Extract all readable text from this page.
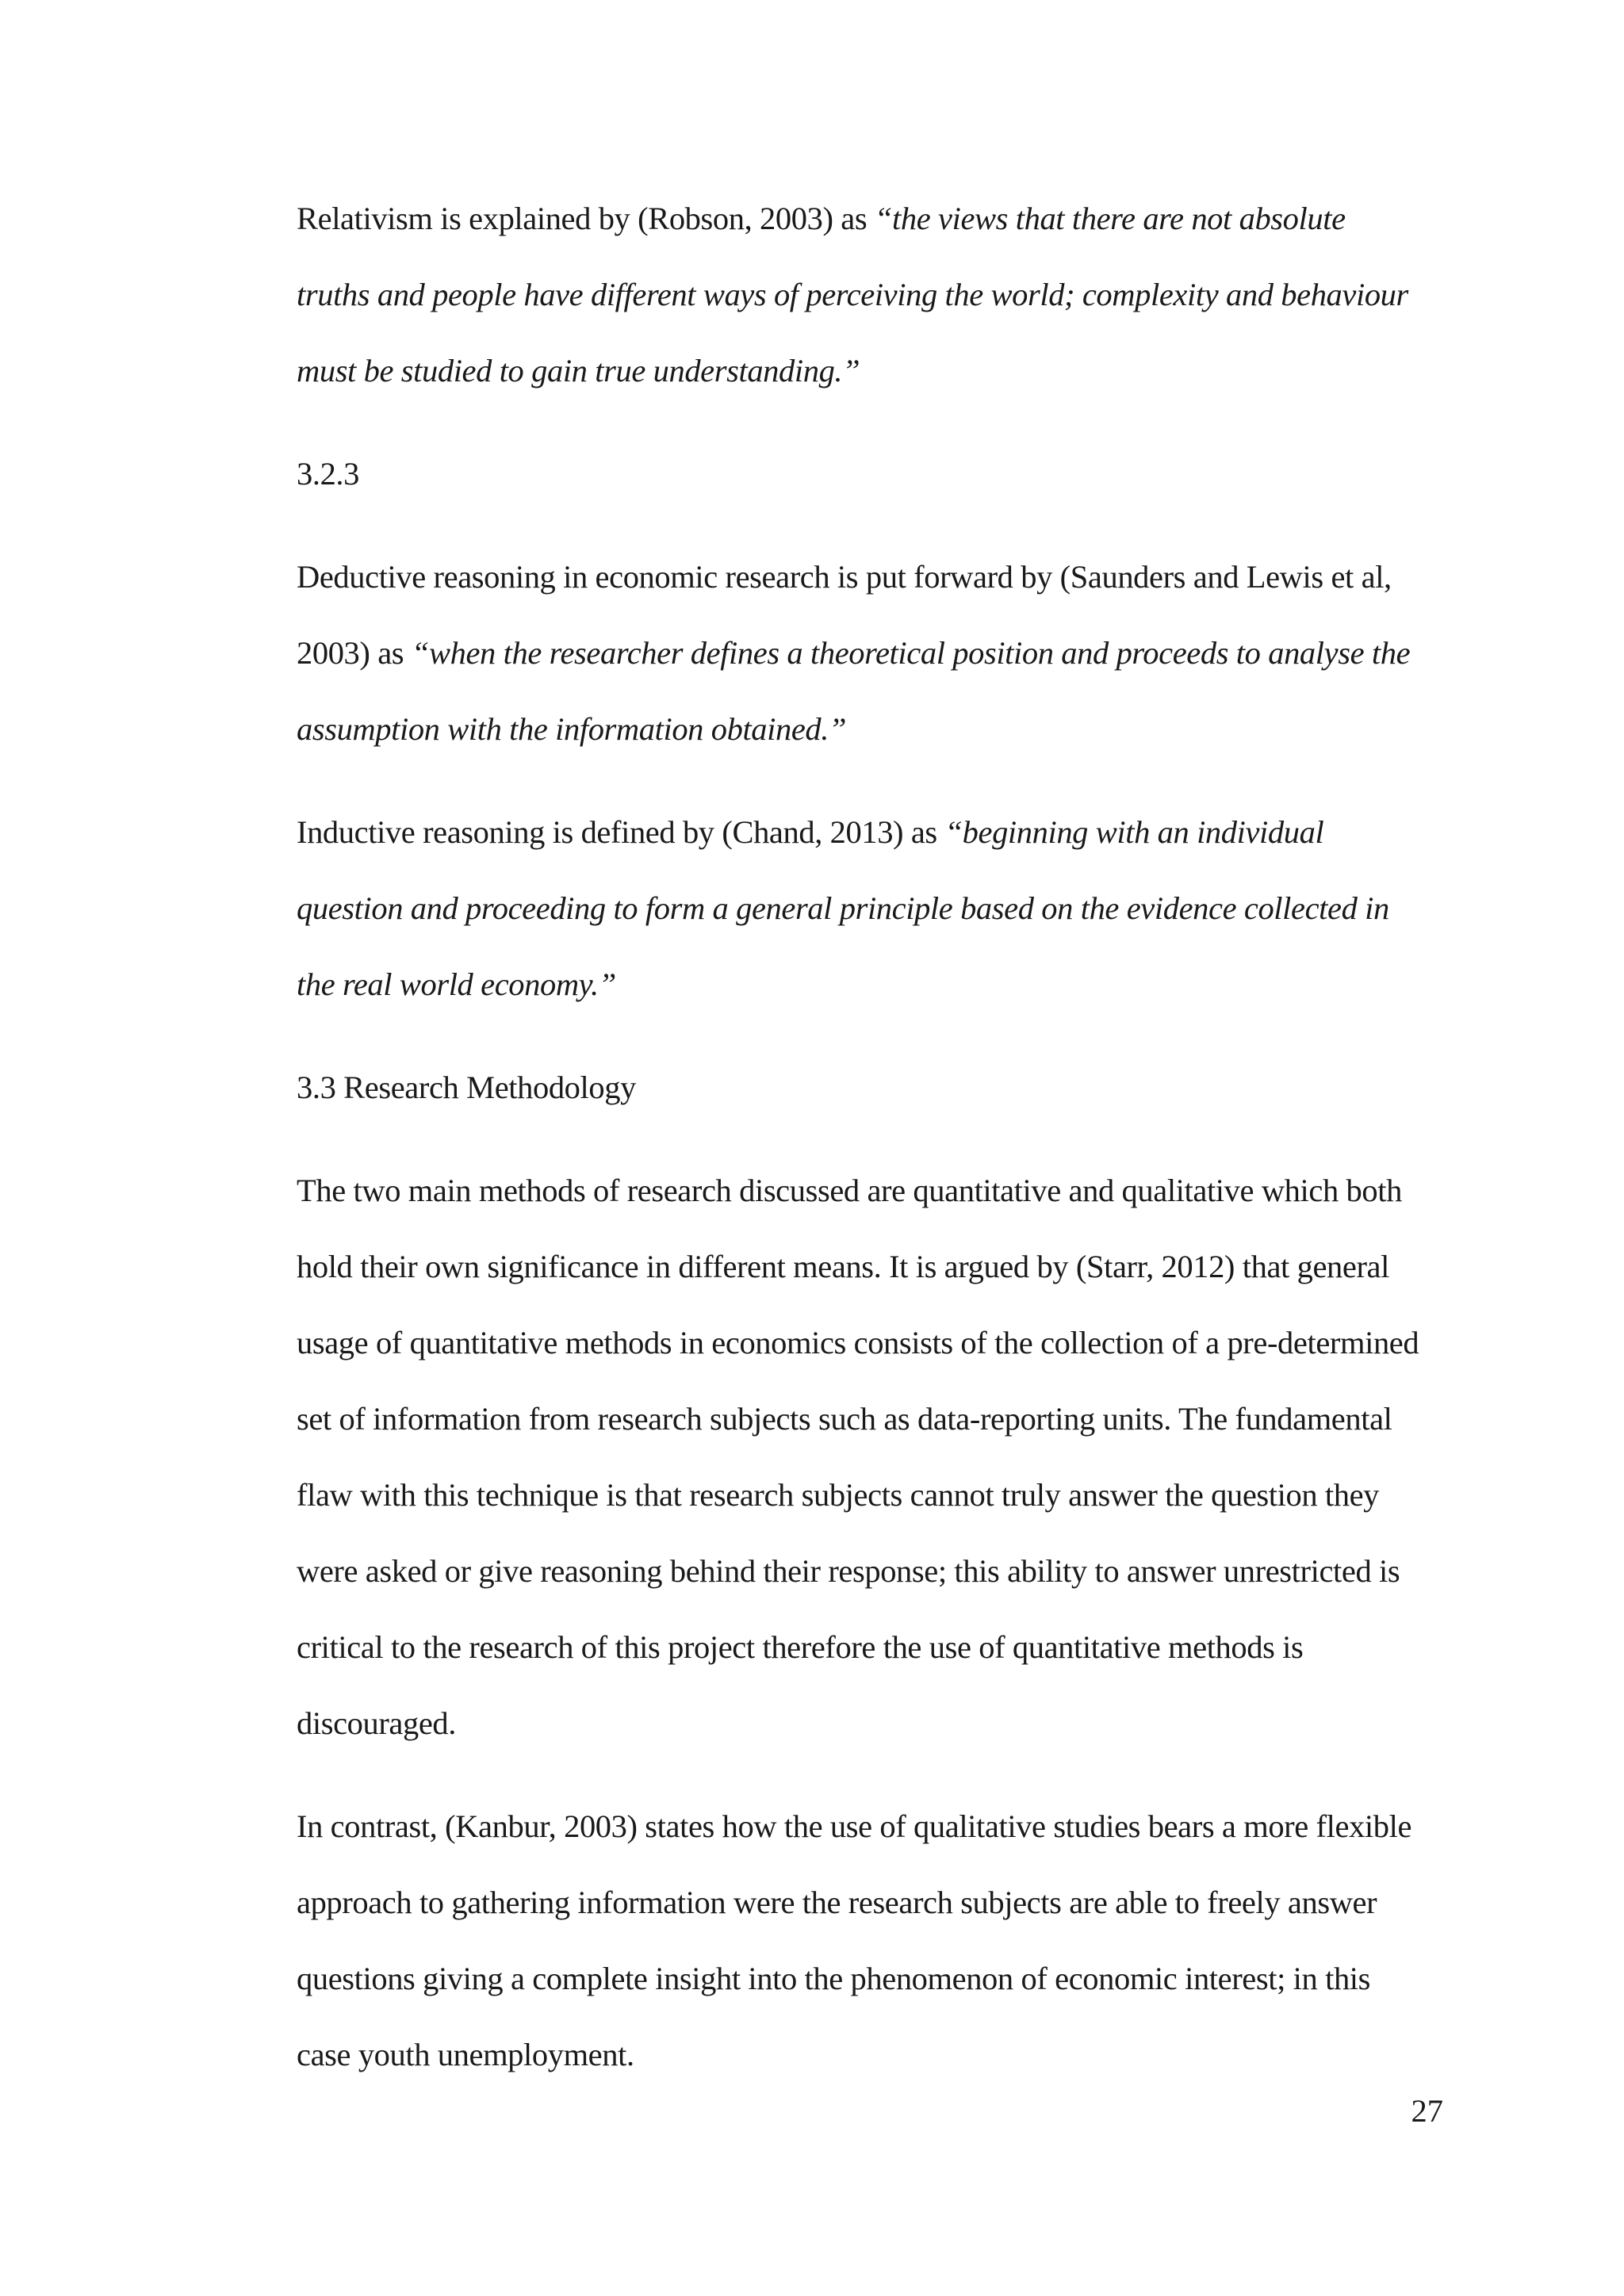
Relativism is explained by (Robson, 2003) as “the views that there are not absolute truths and people have different ways of perceiving the world; complexity and behaviour must be studied to gain true understanding.”

3.2.3

Deductive reasoning in economic research is put forward by (Saunders and Lewis et al, 2003) as “when the researcher defines a theoretical position and proceeds to analyse the assumption with the information obtained.”

Inductive reasoning is defined by (Chand, 2013) as “beginning with an individual question and proceeding to form a general principle based on the evidence collected in the real world economy.”

3.3 Research Methodology

The two main methods of research discussed are quantitative and qualitative which both hold their own significance in different means. It is argued by (Starr, 2012) that general usage of quantitative methods in economics consists of the collection of a pre-determined set of information from research subjects such as data-reporting units. The fundamental flaw with this technique is that research subjects cannot truly answer the question they were asked or give reasoning behind their response; this ability to answer unrestricted is critical to the research of this project therefore the use of quantitative methods is discouraged.

In contrast, (Kanbur, 2003) states how the use of qualitative studies bears a more flexible approach to gathering information were the research subjects are able to freely answer questions giving a complete insight into the phenomenon of economic interest; in this case youth unemployment.

27
